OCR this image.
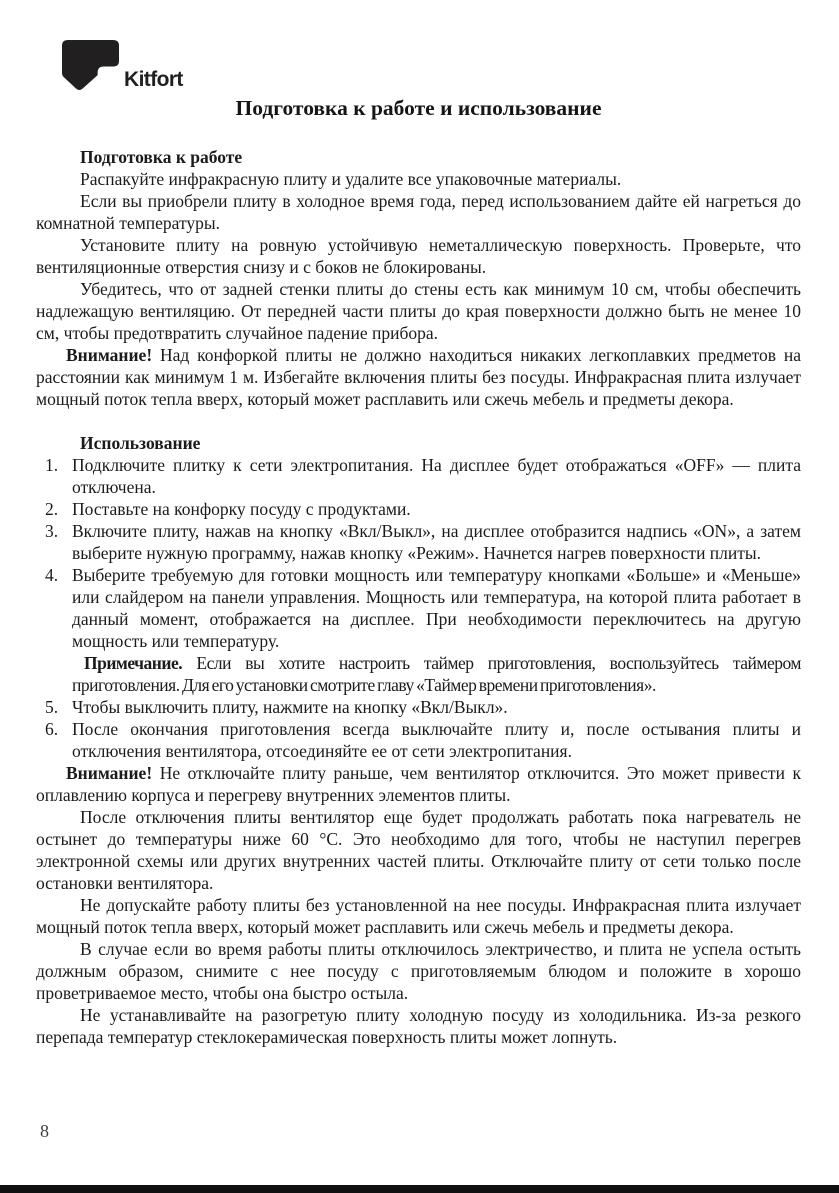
Kitfort
Подготовка к работе и использование
Подготовка к работе

Распакуйте инфракрасную плиту и удалите все упаковочные материалы.

Если вы приобрели плиту в холодное время года, перед использованием дайте ей нагреться до комнатной температуры.

Установите плиту на ровную устойчивую неметаллическую поверхность. Проверьте, что вентиляционные отверстия снизу и с боков не блокированы.

Убедитесь, что от задней стенки плиты до стены есть как минимум 10 см, чтобы обеспечить надлежащую вентиляцию. От передней части плиты до края поверхности должно быть не менее 10 см, чтобы предотвратить случайное падение прибора.

Внимание! Над конфоркой плиты не должно находиться никаких легкоплавких предметов на расстоянии как минимум 1 м. Избегайте включения плиты без посуды. Инфракрасная плита излучает мощный поток тепла вверх, который может расплавить или сжечь мебель и предметы декора.

Использование
1. Подключите плитку к сети электропитания. На дисплее будет отображаться «OFF» — плита отключена.

2. Поставьте на конфорку посуду с продуктами.

3. Включите плиту, нажав на кнопку «Вкл/Выкл», на дисплее отобразится надпись «ON», а затем выберите нужную программу, нажав кнопку «Режим». Начнется нагрев поверхности плиты.

4. Выберите требуемую для готовки мощность или температуру кнопками «Больше» и «Меньше» или слайдером на панели управления. Мощность или температура, на которой плита работает в данный момент, отображается на дисплее. При необходимости переключитесь на другую мощность или температуру.

Примечание. Если вы хотите настроить таймер приготовления, воспользуйтесь таймером приготовления. Для его установки смотрите главу «Таймер времени приготовления».

5. Чтобы выключить плиту, нажмите на кнопку «Вкл/Выкл».

6. После окончания приготовления всегда выключайте плиту и, после остывания плиты и отключения вентилятора, отсоединяйте ее от сети электропитания.

Внимание! Не отключайте плиту раньше, чем вентилятор отключится. Это может привести к оплавлению корпуса и перегреву внутренних элементов плиты.

После отключения плиты вентилятор еще будет продолжать работать пока нагреватель не остынет до температуры ниже 60 °С. Это необходимо для того, чтобы не наступил перегрев электронной схемы или других внутренних частей плиты. Отключайте плиту от сети только после остановки вентилятора.

Не допускайте работу плиты без установленной на нее посуды. Инфракрасная плита излучает мощный поток тепла вверх, который может расплавить или сжечь мебель и предметы декора.

В случае если во время работы плиты отключилось электричество, и плита не успела остыть должным образом, снимите с нее посуду с приготовляемым блюдом и положите в хорошо проветриваемое место, чтобы она быстро остыла.

Не устанавливайте на разогретую плиту холодную посуду из холодильника. Из-за резкого перепада температур стеклокерамическая поверхность плиты может лопнуть.

8
